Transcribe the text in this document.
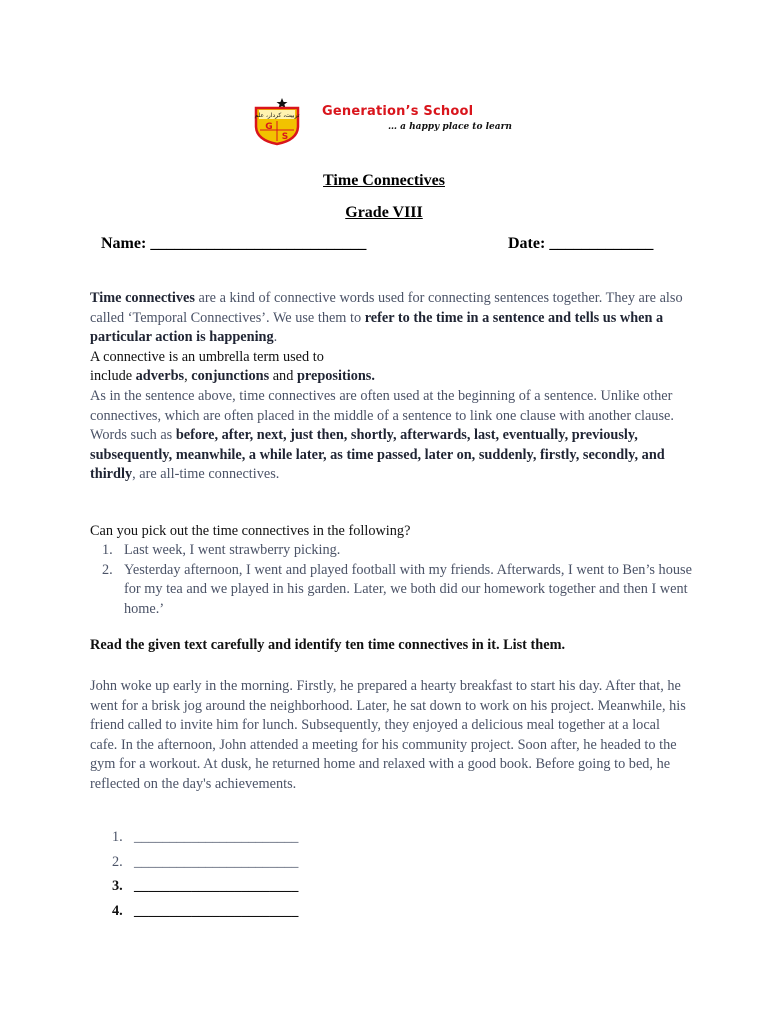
تربیت، کردار، علم
G
S
Generation’s School
… a happy place to learn
Time Connectives
Grade VIII
Name: ___________________________	Date: _____________

Time connectives are a kind of connective words used for connecting sentences together. They are also called ‘Temporal Connectives’. We use them to refer to the time in a sentence and tells us when a particular action is happening.

A connective is an umbrella term used to
include adverbs, conjunctions and prepositions.

As in the sentence above, time connectives are often used at the beginning of a sentence. Unlike other connectives, which are often placed in the middle of a sentence to link one clause with another clause.

Words such as before, after, next, just then, shortly, afterwards, last, eventually, previously, subsequently, meanwhile, a while later, as time passed, later on, suddenly, firstly, secondly, and thirdly, are all-time connectives.

Can you pick out the time connectives in the following?
1. Last week, I went strawberry picking.
2. Yesterday afternoon, I went and played football with my friends. Afterwards, I went to Ben’s house for my tea and we played in his garden. Later, we both did our homework together and then I went home.’
Read the given text carefully and identify ten time connectives in it. List them.
John woke up early in the morning. Firstly, he prepared a hearty breakfast to start his day. After that, he went for a brisk jog around the neighborhood. Later, he sat down to work on his project. Meanwhile, his friend called to invite him for lunch. Subsequently, they enjoyed a delicious meal together at a local cafe. In the afternoon, John attended a meeting for his community project. Soon after, he headed to the gym for a workout. At dusk, he returned home and relaxed with a good book. Before going to bed, he reflected on the day's achievements.
1. _______________________
2. _______________________
3. _______________________
4. _______________________
